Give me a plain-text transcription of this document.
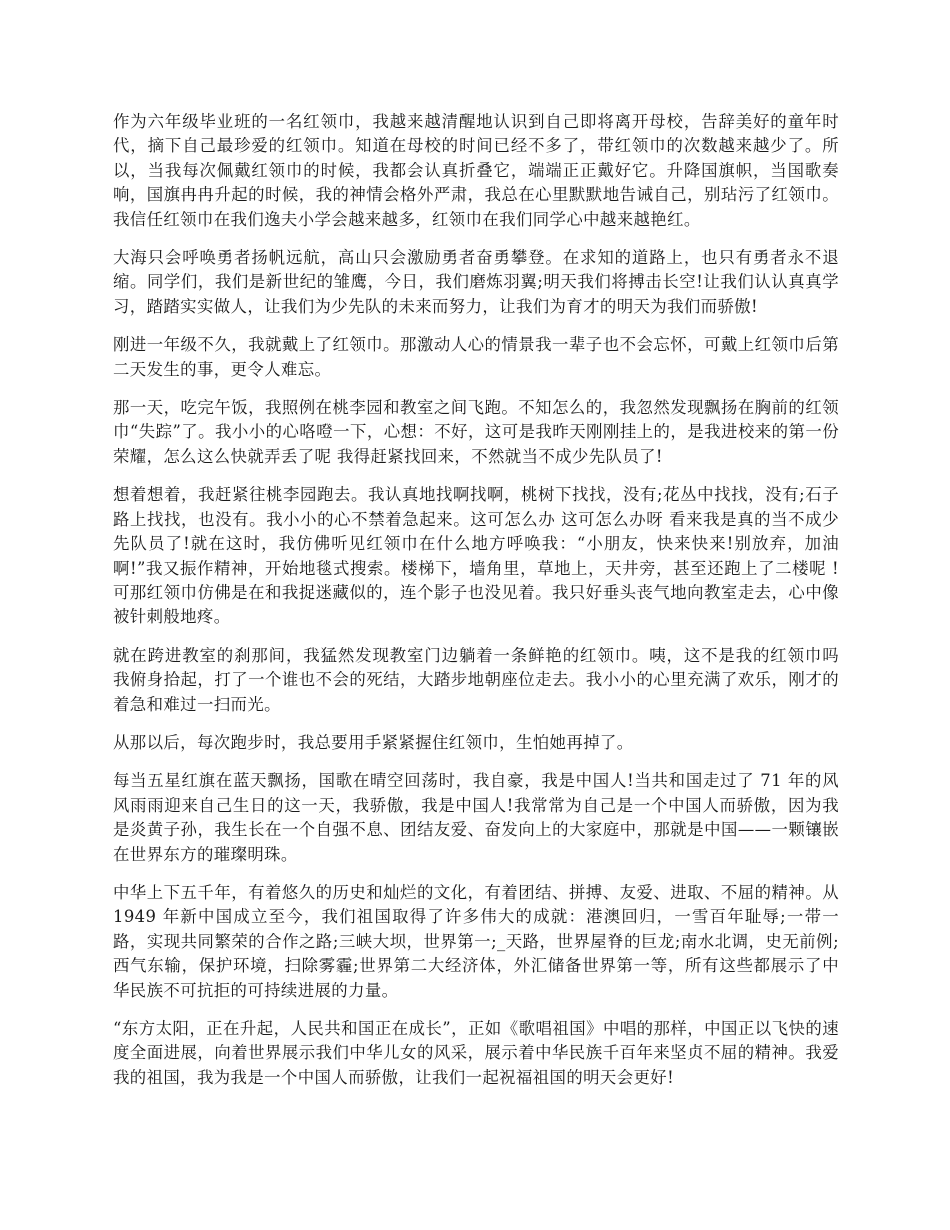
作为六年级毕业班的一名红领巾，我越来越清醒地认识到自己即将离开母校，告辞美好的童年时代，摘下自己最珍爱的红领巾。知道在母校的时间已经不多了，带红领巾的次数越来越少了。所以，当我每次佩戴红领巾的时候，我都会认真折叠它，端端正正戴好它。升降国旗帜，当国歌奏响，国旗冉冉升起的时候，我的神情会格外严肃，我总在心里默默地告诫自己，别玷污了红领巾。我信任红领巾在我们逸夫小学会越来越多，红领巾在我们同学心中越来越艳红。

大海只会呼唤勇者扬帆远航，高山只会激励勇者奋勇攀登。在求知的道路上，也只有勇者永不退缩。同学们，我们是新世纪的雏鹰，今日，我们磨炼羽翼;明天我们将搏击长空!让我们认认真真学习，踏踏实实做人，让我们为少先队的未来而努力，让我们为育才的明天为我们而骄傲!

刚进一年级不久，我就戴上了红领巾。那激动人心的情景我一辈子也不会忘怀，可戴上红领巾后第二天发生的事，更令人难忘。

那一天，吃完午饭，我照例在桃李园和教室之间飞跑。不知怎么的，我忽然发现飘扬在胸前的红领巾“失踪”了。我小小的心咯噔一下，心想：不好，这可是我昨天刚刚挂上的，是我进校来的第一份荣耀，怎么这么快就弄丢了呢 我得赶紧找回来，不然就当不成少先队员了!

想着想着，我赶紧往桃李园跑去。我认真地找啊找啊，桃树下找找，没有;花丛中找找，没有;石子路上找找，也没有。我小小的心不禁着急起来。这可怎么办 这可怎么办呀 看来我是真的当不成少先队员了!就在这时，我仿佛听见红领巾在什么地方呼唤我：“小朋友，快来快来!别放弃，加油啊!”我又振作精神，开始地毯式搜索。楼梯下，墙角里，草地上，天井旁，甚至还跑上了二楼呢 !可那红领巾仿佛是在和我捉迷藏似的，连个影子也没见着。我只好垂头丧气地向教室走去，心中像被针刺般地疼。

就在跨进教室的刹那间，我猛然发现教室门边躺着一条鲜艳的红领巾。咦，这不是我的红领巾吗 我俯身拾起，打了一个谁也不会的死结，大踏步地朝座位走去。我小小的心里充满了欢乐，刚才的着急和难过一扫而光。

从那以后，每次跑步时，我总要用手紧紧握住红领巾，生怕她再掉了。

每当五星红旗在蓝天飘扬，国歌在晴空回荡时，我自豪，我是中国人!当共和国走过了 71 年的风风雨雨迎来自己生日的这一天，我骄傲，我是中国人!我常常为自己是一个中国人而骄傲，因为我是炎黄子孙，我生长在一个自强不息、团结友爱、奋发向上的大家庭中，那就是中国——一颗镶嵌在世界东方的璀璨明珠。

中华上下五千年，有着悠久的历史和灿烂的文化，有着团结、拼搏、友爱、进取、不屈的精神。从 1949 年新中国成立至今，我们祖国取得了许多伟大的成就：港澳回归，一雪百年耻辱;一带一路，实现共同繁荣的合作之路;三峡大坝，世界第一;_天路，世界屋脊的巨龙;南水北调，史无前例;西气东输，保护环境，扫除雾霾;世界第二大经济体，外汇储备世界第一等，所有这些都展示了中华民族不可抗拒的可持续进展的力量。

“东方太阳，正在升起，人民共和国正在成长”，正如《歌唱祖国》中唱的那样，中国正以飞快的速度全面进展，向着世界展示我们中华儿女的风采，展示着中华民族千百年来坚贞不屈的精神。我爱我的祖国，我为我是一个中国人而骄傲，让我们一起祝福祖国的明天会更好!
